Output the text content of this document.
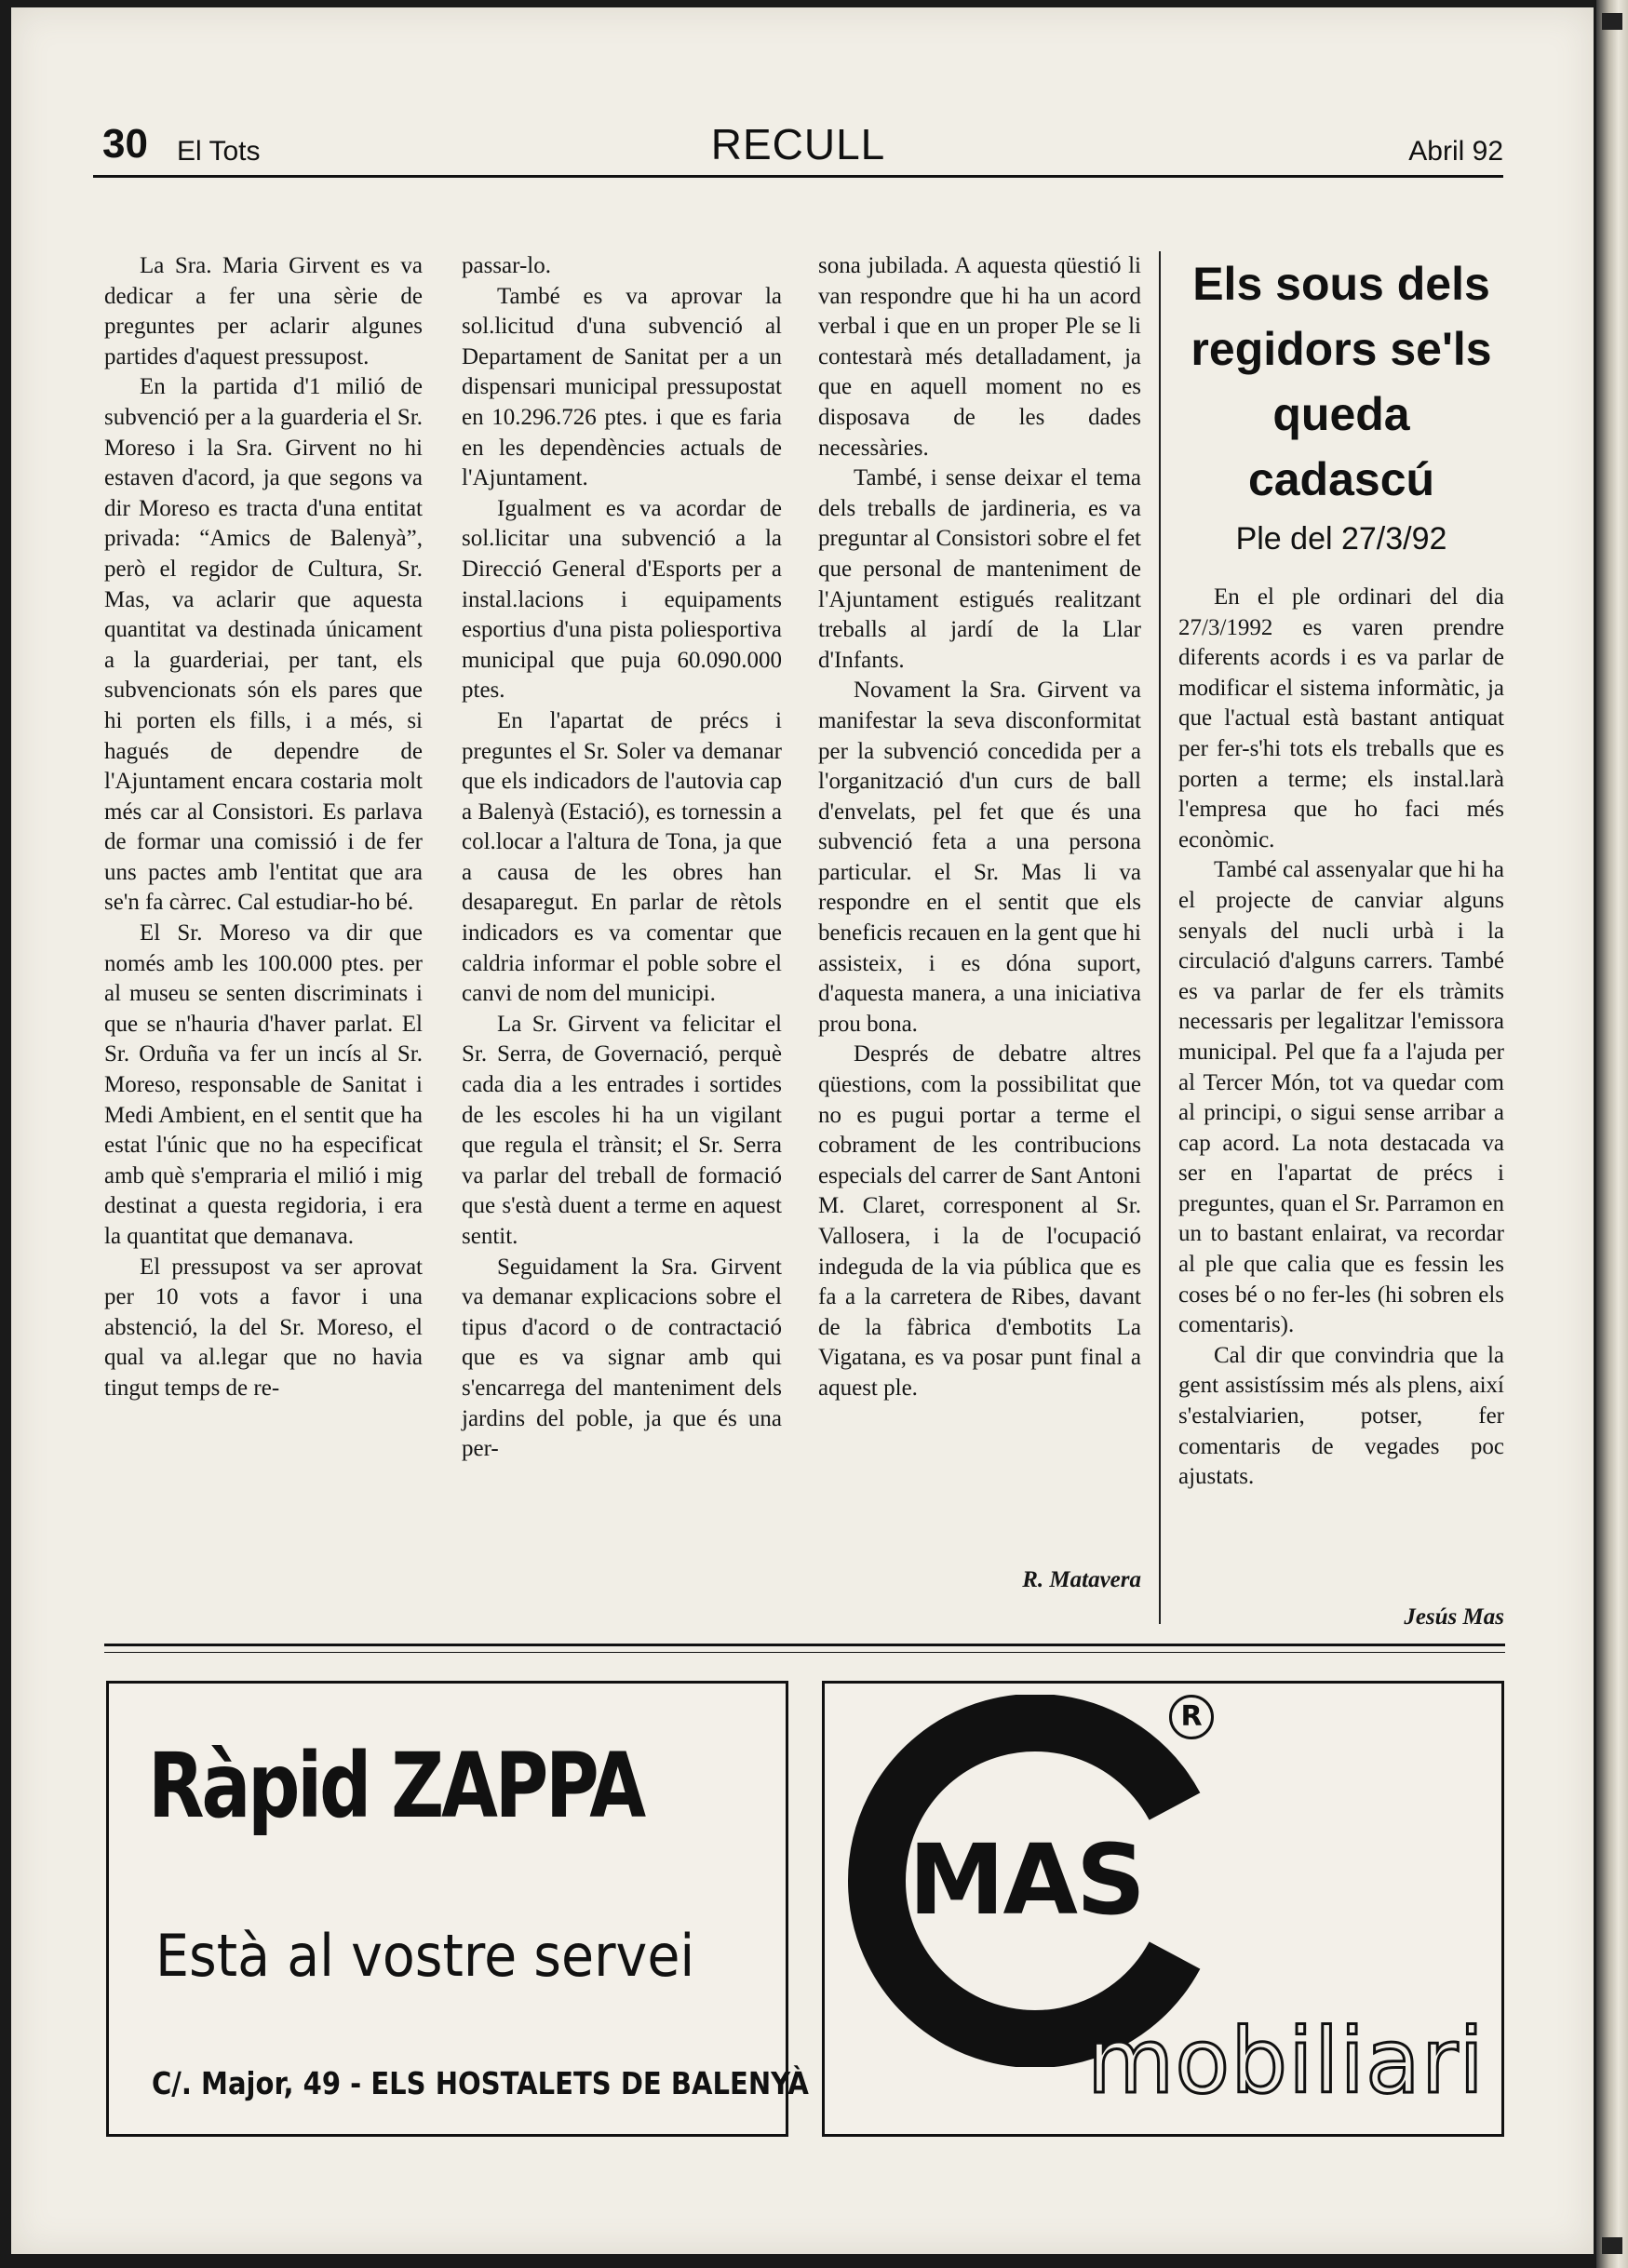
30 El Tots	RECULL	Abril 92

La Sra. Maria Girvent es va dedicar a fer una sèrie de preguntes per aclarir algunes partides d'aquest pressupost.

En la partida d'1 milió de subvenció per a la guarderia el Sr. Moreso i la Sra. Girvent no hi estaven d'acord, ja que segons va dir Moreso es tracta d'una entitat privada: “Amics de Balenyà”, però el regidor de Cultura, Sr. Mas, va aclarir que aquesta quantitat va destinada únicament a la guarderiai, per tant, els subvencionats són els pares que hi porten els fills, i a més, si hagués de dependre de l'Ajuntament encara costaria molt més car al Consistori. Es parlava de formar una comissió i de fer uns pactes amb l'entitat que ara se'n fa càrrec. Cal estudiar-ho bé.

El Sr. Moreso va dir que només amb les 100.000 ptes. per al museu se senten discriminats i que se n'hauria d'haver parlat. El Sr. Orduña va fer un incís al Sr. Moreso, responsable de Sanitat i Medi Ambient, en el sentit que ha estat l'únic que no ha especificat amb què s'empraria el milió i mig destinat a questa regidoria, i era la quantitat que demanava.

El pressupost va ser aprovat per 10 vots a favor i una abstenció, la del Sr. Moreso, el qual va al.legar que no havia tingut temps de re-

passar-lo.

També es va aprovar la sol.licitud d'una subvenció al Departament de Sanitat per a un dispensari municipal pressupostat en 10.296.726 ptes. i que es faria en les dependències actuals de l'Ajuntament.

Igualment es va acordar de sol.licitar una subvenció a la Direcció General d'Esports per a instal.lacions i equipaments esportius d'una pista poliesportiva municipal que puja 60.090.000 ptes.

En l'apartat de précs i preguntes el Sr. Soler va demanar que els indicadors de l'autovia cap a Balenyà (Estació), es tornessin a col.locar a l'altura de Tona, ja que a causa de les obres han desaparegut. En parlar de rètols indicadors es va comentar que caldria informar el poble sobre el canvi de nom del municipi.

La Sr. Girvent va felicitar el Sr. Serra, de Governació, perquè cada dia a les entrades i sortides de les escoles hi ha un vigilant que regula el trànsit; el Sr. Serra va parlar del treball de formació que s'està duent a terme en aquest sentit.

Seguidament la Sra. Girvent va demanar explicacions sobre el tipus d'acord o de contractació que es va signar amb qui s'encarrega del manteniment dels jardins del poble, ja que és una per-

sona jubilada. A aquesta qüestió li van respondre que hi ha un acord verbal i que en un proper Ple se li contestarà més detalladament, ja que en aquell moment no es disposava de les dades necessàries.

També, i sense deixar el tema dels treballs de jardineria, es va preguntar al Consistori sobre el fet que personal de manteniment de l'Ajuntament estigués realitzant treballs al jardí de la Llar d'Infants.

Novament la Sra. Girvent va manifestar la seva disconformitat per la subvenció concedida per a l'organització d'un curs de ball d'envelats, pel fet que és una subvenció feta a una persona particular. el Sr. Mas li va respondre en el sentit que els beneficis recauen en la gent que hi assisteix, i es dóna suport, d'aquesta manera, a una iniciativa prou bona.

Després de debatre altres qüestions, com la possibilitat que no es pugui portar a terme el cobrament de les contribucions especials del carrer de Sant Antoni M. Claret, corresponent al Sr. Vallosera, i la de l'ocupació indeguda de la via pública que es fa a la carretera de Ribes, davant de la fàbrica d'embotits La Vigatana, es va posar punt final a aquest ple.

R. Matavera
Els sous dels regidors se'ls queda cadascú
Ple del 27/3/92

En el ple ordinari del dia 27/3/1992 es varen prendre diferents acords i es va parlar de modificar el sistema informàtic, ja que l'actual està bastant antiquat per fer-s'hi tots els treballs que es porten a terme; els instal.larà l'empresa que ho faci més econòmic.

També cal assenyalar que hi ha el projecte de canviar alguns senyals del nucli urbà i la circulació d'alguns carrers. També es va parlar de fer els tràmits necessaris per legalitzar l'emissora municipal. Pel que fa a l'ajuda per al Tercer Món, tot va quedar com al principi, o sigui sense arribar a cap acord. La nota destacada va ser en l'apartat de précs i preguntes, quan el Sr. Parramon en un to bastant enlairat, va recordar al ple que calia que es fessin les coses bé o no fer-les (hi sobren els comentaris).

Cal dir que convindria que la gent assistíssim més als plens, així s'estalviarien, potser, fer comentaris de vegades poc ajustats.

Jesús Mas
Ràpid ZAPPA
Està al vostre servei
C/. Major, 49 - ELS HOSTALETS DE BALENYÀ
R
MAS
mobiliari
